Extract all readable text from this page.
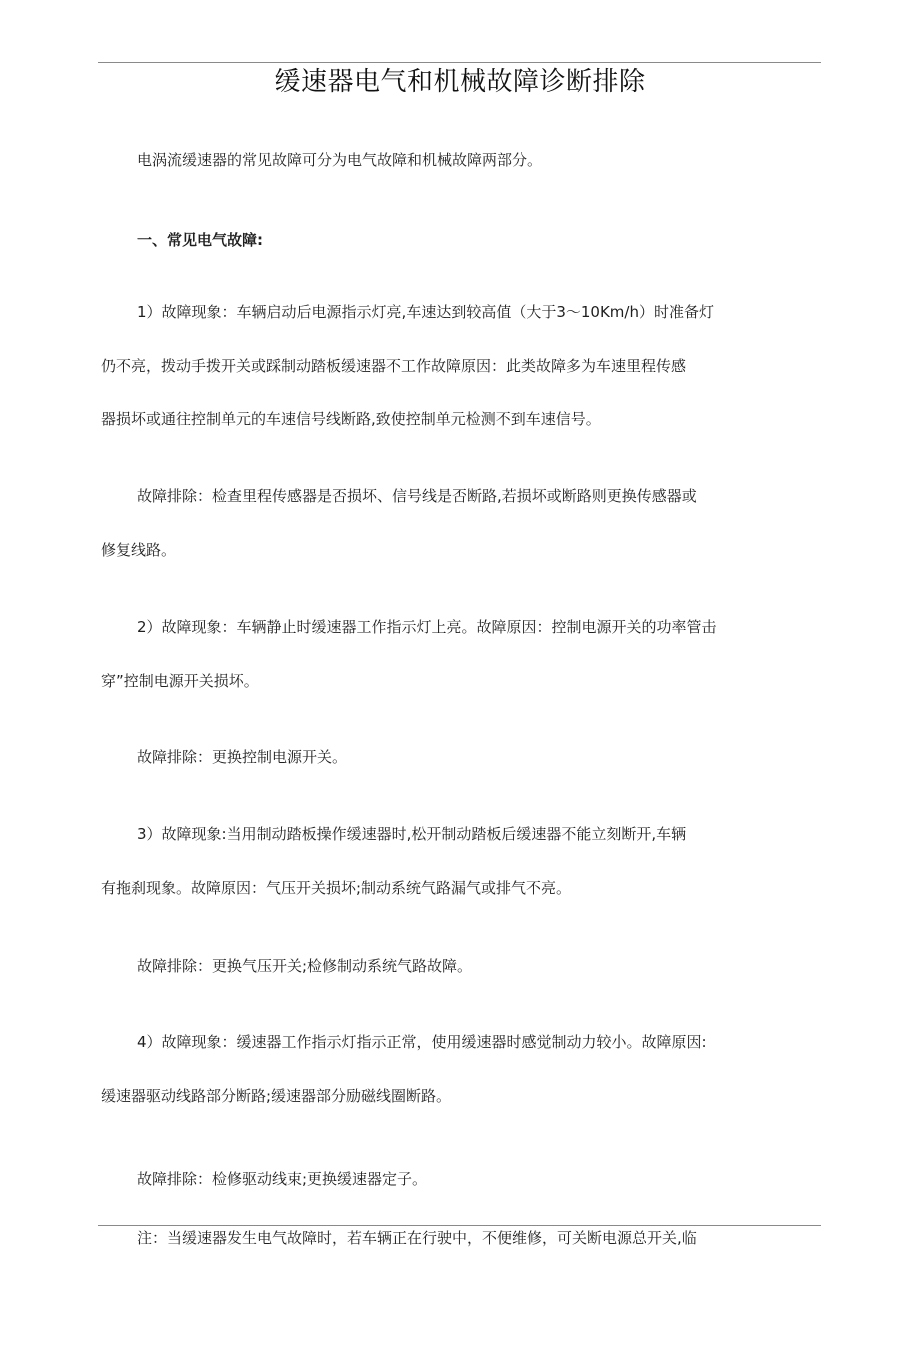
缓速器电气和机械故障诊断排除
电涡流缓速器的常见故障可分为电气故障和机械故障两部分。
一、常见电气故障:
1）故障现象：车辆启动后电源指示灯亮,车速达到较高值（大于3～10Km/h）时准备灯
仍不亮，拨动手拨开关或踩制动踏板缓速器不工作故障原因：此类故障多为车速里程传感
器损坏或通往控制单元的车速信号线断路,致使控制单元检测不到车速信号。
故障排除：检查里程传感器是否损坏、信号线是否断路,若损坏或断路则更换传感器或
修复线路。
2）故障现象：车辆静止时缓速器工作指示灯上亮。故障原因：控制电源开关的功率管击
穿”控制电源开关损坏。
故障排除：更换控制电源开关。
3）故障现象:当用制动踏板操作缓速器时,松开制动踏板后缓速器不能立刻断开,车辆
有拖刹现象。故障原因：气压开关损坏;制动系统气路漏气或排气不亮。
故障排除：更换气压开关;检修制动系统气路故障。
4）故障现象：缓速器工作指示灯指示正常，使用缓速器时感觉制动力较小。故障原因:
缓速器驱动线路部分断路;缓速器部分励磁线圈断路。
故障排除：检修驱动线束;更换缓速器定子。
注：当缓速器发生电气故障时，若车辆正在行驶中，不便维修，可关断电源总开关,临
